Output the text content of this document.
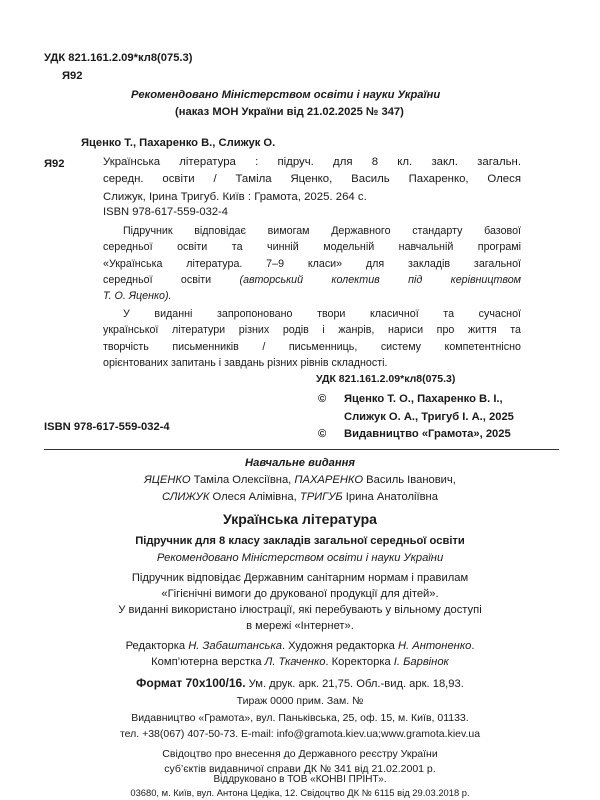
УДК 821.161.2.09*кл8(075.3)
Я92
Рекомендовано Міністерством освіти і науки України
(наказ МОН України від 21.02.2025 № 347)
Яценко Т., Пахаренко В., Слижук О.
Я92	Українська література : підруч. для 8 кл. закл. загальн.
середн. освіти / Таміла Яценко, Василь Пахаренко, Олеся
Слижук, Ірина Тригуб. Київ : Грамота, 2025. 264 с.
ISBN 978-617-559-032-4
Підручник відповідає вимогам Державного стандарту базової
середньої освіти та чинній модельній навчальній програмі
«Українська література. 7–9 класи» для закладів загальної
середньої освіти	(авторський колектив під керівництвом
Т. О. Яценко).
У виданні запропоновано твори класичної та сучасної
української літератури різних родів і жанрів, нариси про життя та
творчість письменників / письменниць, систему компетентнісно
орієнтованих запитань і завдань різних рівнів складності.
УДК 821.161.2.09*кл8(075.3)
© Яценко Т. О., Пахаренко В. І.,
Слижук О. А., Тригуб І. А., 2025
ISBN 978-617-559-032-4
© Видавництво «Грамота», 2025
Навчальне видання
ЯЦЕНКО Таміла Олексіївна, ПАХАРЕНКО Василь Іванович,
СЛИЖУК Олеся Алімівна, ТРИГУБ Ірина Анатоліївна
Українська література
Підручник для 8 класу закладів загальної середньої освіти
Рекомендовано Міністерством освіти і науки України
Підручник відповідає Державним санітарним нормам і правилам
«Гігієнічні вимоги до друкованої продукції для дітей».
У виданні використано ілюстрації, які перебувають у вільному доступі
в мережі «Інтернет».
Редакторка Н. Забаштанська. Художня редакторка Н. Антоненко.
Комп’ютерна верстка Л. Ткаченко. Коректорка І. Барвінок
Формат 70х100/16. Ум. друк. арк. 21,75. Обл.-вид. арк. 18,93.
Тираж 0000 прим. Зам. №
Видавництво «Грамота», вул. Паньківська, 25, оф. 15, м. Київ, 01133.
тел. +38(067) 407-50-73. E-mail: info@gramota.kiev.ua;www.gramota.kiev.ua
Свідоцтво про внесення до Державного реєстру України
суб’єктів видавничої справи ДК № 341 від 21.02.2001 р.
Віддруковано в ТОВ «КОНВІ ПРІНТ».
03680, м. Київ, вул. Антона Цедіка, 12. Свідоцтво ДК № 6115 від 29.03.2018 р.
